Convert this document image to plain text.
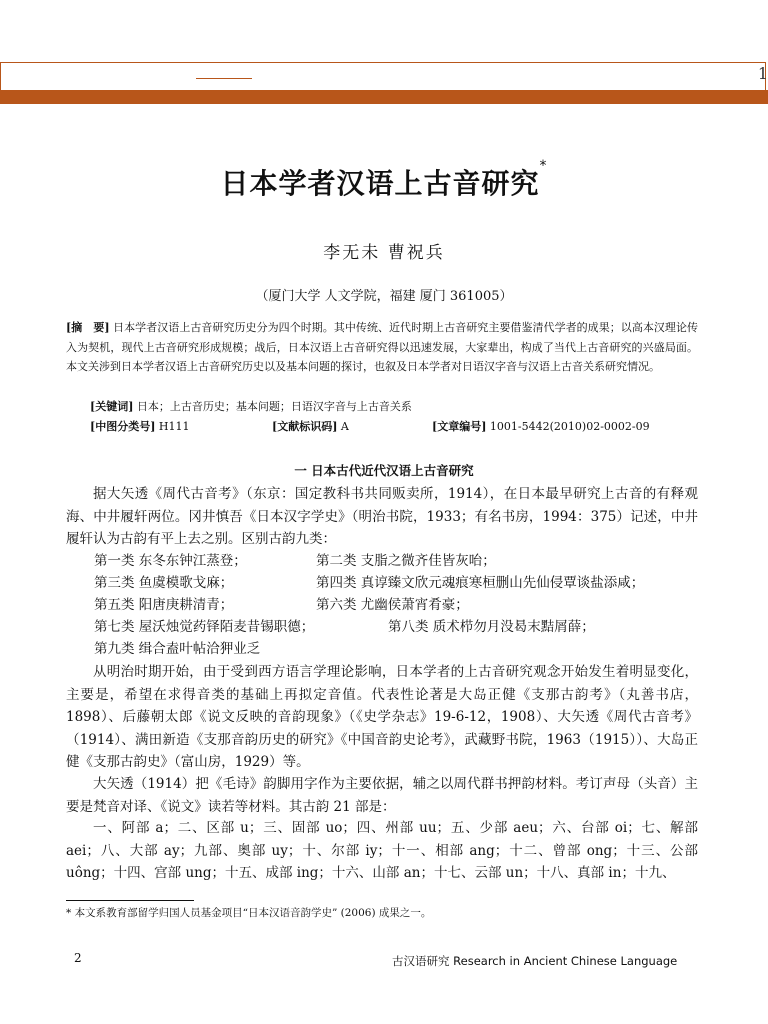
1
日本学者汉语上古音研究*
李无未 曹祝兵
（厦门大学 人文学院，福建 厦门 361005）
[摘　要] 日本学者汉语上古音研究历史分为四个时期。其中传统、近代时期上古音研究主要借鉴清代学者的成果；以高本汉理论传入为契机，现代上古音研究形成规模；战后，日本汉语上古音研究得以迅速发展，大家辈出，构成了当代上古音研究的兴盛局面。本文关涉到日本学者汉语上古音研究历史以及基本问题的探讨，也叙及日本学者对日语汉字音与汉语上古音关系研究情况。
[关键词] 日本；上古音历史；基本问题；日语汉字音与上古音关系
[中图分类号] H111	[文献标识码] A	[文章编号] 1001-5442(2010)02-0002-09
一 日本古代近代汉语上古音研究

据大矢透《周代古音考》（东京：国定教科书共同贩卖所，1914），在日本最早研究上古音的有释观海、中井履轩两位。冈井慎吾《日本汉字学史》（明治书院，1933；有名书房，1994：375）记述，中井履轩认为古韵有平上去之别。区别古韵九类：

第一类 东冬东钟江蒸登；	第二类 支脂之微齐佳皆灰咍；
第三类 鱼虞模歌戈麻；	第四类 真谆臻文欣元魂痕寒桓删山先仙侵覃谈盐添咸；
第五类 阳唐庚耕清青；	第六类 尤幽侯萧宵肴豪；
第七类 屋沃烛觉药铎陌麦昔锡职德；	第八类 质术栉勿月没曷末黠屑薛；
第九类 缉合盍叶帖洽狎业乏

从明治时期开始，由于受到西方语言学理论影响，日本学者的上古音研究观念开始发生着明显变化，主要是，希望在求得音类的基础上再拟定音值。代表性论著是大岛正健《支那古韵考》（丸善书店，1898）、后藤朝太郎《说文反映的音韵现象》（《史学杂志》19-6-12，1908）、大矢透《周代古音考》（1914）、满田新造《支那音韵历史的研究》《中国音韵史论考》，武藏野书院，1963（1915））、大岛正健《支那古韵史》（富山房，1929）等。

大矢透（1914）把《毛诗》韵脚用字作为主要依据，辅之以周代群书押韵材料。考订声母（头音）主要是梵音对译、《说文》读若等材料。其古韵 21 部是：

一、阿部 a；二、区部 u；三、固部 uo；四、州部 uu；五、少部 aeu；六、台部 oi；七、解部 aei；八、大部 ay；九部、奥部 uy；十、尔部 iy；十一、相部 ang；十二、曾部 ong；十三、公部 uông；十四、宫部 ung；十五、成部 ing；十六、山部 an；十七、云部 un；十八、真部 in；十九、

* 本文系教育部留学归国人员基金项目“日本汉语音韵学史” (2006) 成果之一。
2	古汉语研究 Research in Ancient Chinese Language
